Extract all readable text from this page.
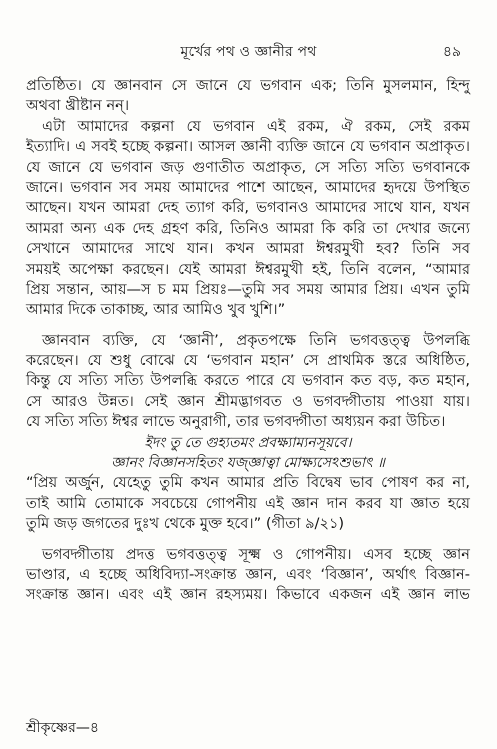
মূর্খের পথ ও জ্ঞানীর পথ	৪৯
প্রতিষ্ঠিত। যে জ্ঞানবান সে জানে যে ভগবান এক; তিনি মুসলমান, হিন্দু
অথবা খ্রীষ্টান নন্।
এটা আমাদের কল্পনা যে ভগবান এই রকম, ঐ রকম, সেই রকম
ইত্যাদি। এ সবই হচ্ছে কল্পনা। আসল জ্ঞানী ব্যক্তি জানে যে ভগবান অপ্রাকৃত।
যে জানে যে ভগবান জড় গুণাতীত অপ্রাকৃত, সে সত্যি সত্যি ভগবানকে
জানে। ভগবান সব সময় আমাদের পাশে আছেন, আমাদের হৃদয়ে উপস্থিত
আছেন। যখন আমরা দেহ ত্যাগ করি, ভগবানও আমাদের সাথে যান, যখন
আমরা অন্য এক দেহ গ্রহণ করি, তিনিও আমরা কি করি তা দেখার জন্যে
সেখানে আমাদের সাথে যান। কখন আমরা ঈশ্বরমুখী হব? তিনি সব
সময়ই অপেক্ষা করছেন। যেই আমরা ঈশ্বরমুখী হই, তিনি বলেন, “আমার
প্রিয় সন্তান, আয়—স চ মম প্রিয়ঃ—তুমি সব সময় আমার প্রিয়। এখন তুমি
আমার দিকে তাকাচ্ছ, আর আমিও খুব খুশি।”
জ্ঞানবান ব্যক্তি, যে ‘জ্ঞানী’, প্রকৃতপক্ষে তিনি ভগবত্তত্ত্ব উপলব্ধি
করেছেন। যে শুধু বোঝে যে ‘ভগবান মহান’ সে প্রাথমিক স্তরে অধিষ্ঠিত,
কিন্তু যে সত্যি সত্যি উপলব্ধি করতে পারে যে ভগবান কত বড়, কত মহান,
সে আরও উন্নত। সেই জ্ঞান শ্রীমদ্ভাগবত ও ভগবদ্গীতায় পাওয়া যায়।
যে সত্যি সত্যি ঈশ্বর লাভে অনুরাগী, তার ভগবদ্গীতা অধ্যয়ন করা উচিত।
ইদং তু তে গুহ্যতমং প্রবক্ষ্যাম্যনসূয়বে।
জ্ঞানং বিজ্ঞানসহিতং যজ্জ্ঞাত্বা মোক্ষ্যসেঽশুভাৎ ॥
“প্রিয় অর্জুন, যেহেতু তুমি কখন আমার প্রতি বিদ্বেষ ভাব পোষণ কর না,
তাই আমি তোমাকে সবচেয়ে গোপনীয় এই জ্ঞান দান করব যা জ্ঞাত হয়ে
তুমি জড় জগতের দুঃখ থেকে মুক্ত হবে।” (গীতা ৯/২১)
ভগবদ্গীতায় প্রদত্ত ভগবত্তত্ত্ব সূক্ষ্ম ও গোপনীয়। এসব হচ্ছে জ্ঞান
ভাণ্ডার, এ হচ্ছে অধিবিদ্যা-সংক্রান্ত জ্ঞান, এবং ‘বিজ্ঞান’, অর্থাৎ বিজ্ঞান-
সংক্রান্ত জ্ঞান। এবং এই জ্ঞান রহস্যময়। কিভাবে একজন এই জ্ঞান লাভ
শ্রীকৃষ্ণের—৪
